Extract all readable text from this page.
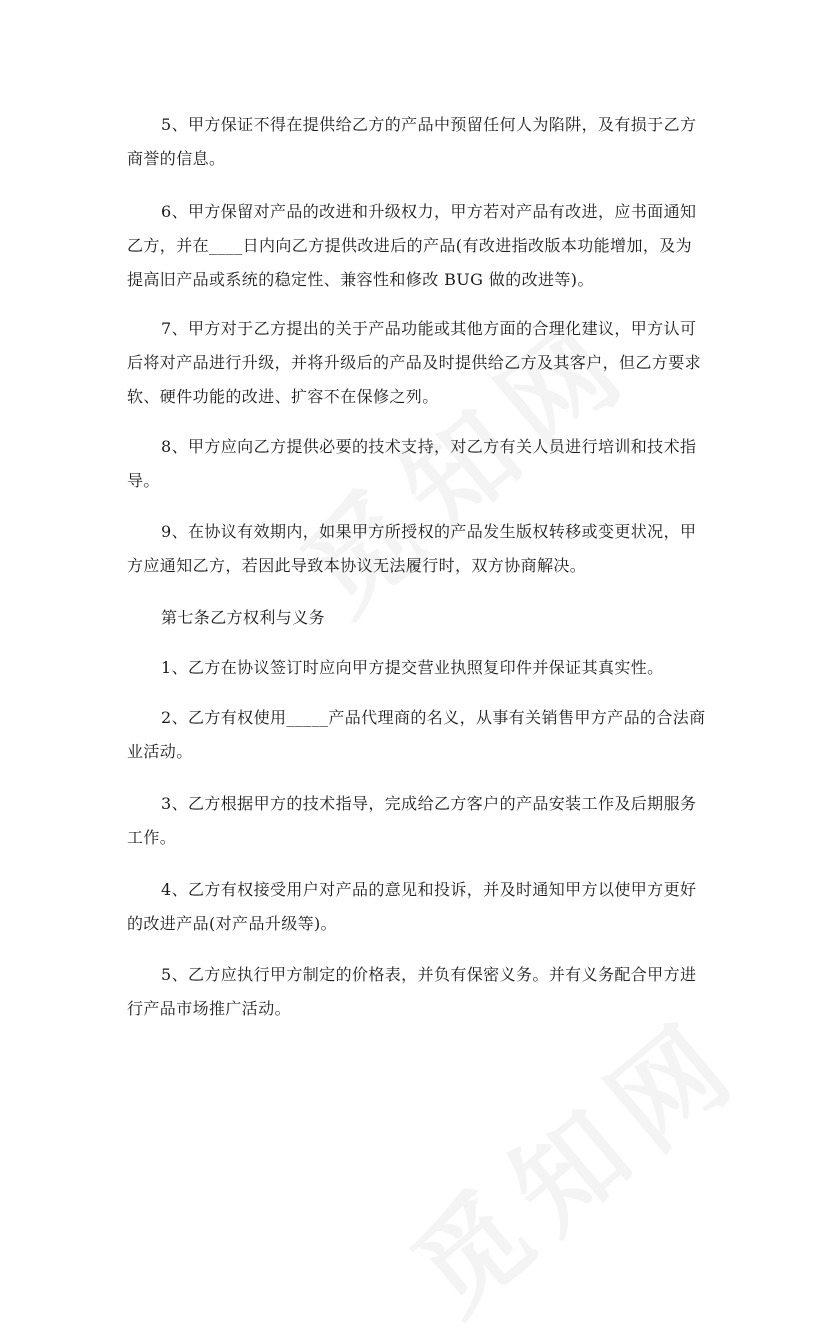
5、甲方保证不得在提供给乙方的产品中预留任何人为陷阱，及有损于乙方
商誉的信息。
6、甲方保留对产品的改进和升级权力，甲方若对产品有改进，应书面通知
乙方，并在____日内向乙方提供改进后的产品(有改进指改版本功能增加，及为
提高旧产品或系统的稳定性、兼容性和修改 BUG 做的改进等)。
7、甲方对于乙方提出的关于产品功能或其他方面的合理化建议，甲方认可
后将对产品进行升级，并将升级后的产品及时提供给乙方及其客户，但乙方要求
软、硬件功能的改进、扩容不在保修之列。
8、甲方应向乙方提供必要的技术支持，对乙方有关人员进行培训和技术指
导。
9、在协议有效期内，如果甲方所授权的产品发生版权转移或变更状况，甲
方应通知乙方，若因此导致本协议无法履行时，双方协商解决。
第七条乙方权利与义务
1、乙方在协议签订时应向甲方提交营业执照复印件并保证其真实性。
2、乙方有权使用_____产品代理商的名义，从事有关销售甲方产品的合法商
业活动。
3、乙方根据甲方的技术指导，完成给乙方客户的产品安装工作及后期服务
工作。
4、乙方有权接受用户对产品的意见和投诉，并及时通知甲方以使甲方更好
的改进产品(对产品升级等)。
5、乙方应执行甲方制定的价格表，并负有保密义务。并有义务配合甲方进
行产品市场推广活动。
